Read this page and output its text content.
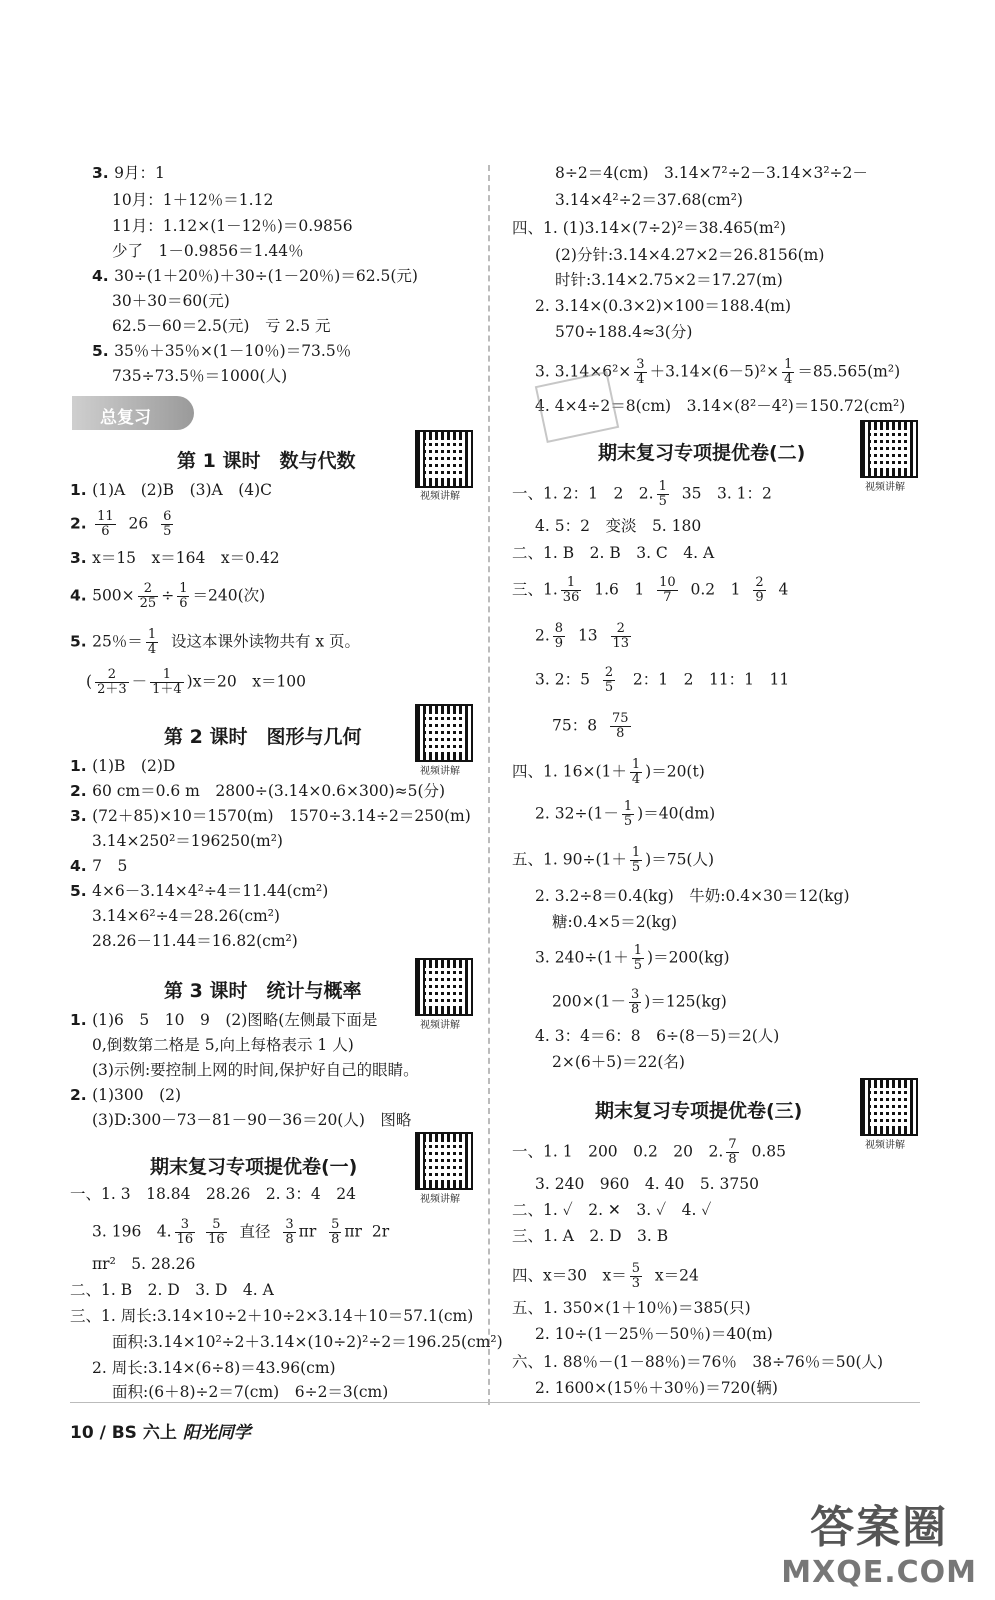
3. 9月：1
10月：1＋12％＝1.12
11月：1.12×(1－12％)＝0.9856
少了　1－0.9856＝1.44％
4. 30÷(1＋20％)＋30÷(1－20％)＝62.5(元)
30＋30＝60(元)
62.5－60＝2.5(元)　亏 2.5 元
5. 35％＋35％×(1－10％)＝73.5％
735÷73.5％＝1000(人)
总复习
第 1 课时　数与代数
视频讲解
1. (1)A　(2)B　(3)A　(4)C
2. $\frac{11}{6} 26 \frac{6}{5}$
3. x＝15　x＝164　x＝0.42
4. $500\times \frac{2}{25} \div \frac{1}{6} =240$(次)
5. 25％＝ $\frac{1}{4}$ 设这本课外读物共有 x 页。
( $\frac{2}{2+3} - \frac{1}{1+4} )x=20$　x＝100
第 2 课时　图形与几何
视频讲解
1. (1)B　(2)D
2. 60 cm＝0.6 m　2800÷(3.14×0.6×300)≈5(分)
3. (72＋85)×10＝1570(m)　1570÷3.14÷2＝250(m)
3.14×250²＝196250(m²)
4. 7　5
5. 4×6－3.14×4²÷4＝11.44(cm²)
3.14×6²÷4＝28.26(cm²)
28.26－11.44＝16.82(cm²)
第 3 课时　统计与概率
视频讲解
1. (1)6　5　10　9　(2)图略(左侧最下面是
0,倒数第二格是 5,向上每格表示 1 人)
(3)示例:要控制上网的时间,保护好自己的眼睛。
2. (1)300　(2)
(3)D:300－73－81－90－36＝20(人)　图略
期末复习专项提优卷(一)
视频讲解
一、1. 3　18.84　28.26　2. 3：4　24
3. 196　4. $\frac{3}{16}$
$\frac{5}{16}$ 直径 $\frac{3}{8}$ πr $\frac{5}{8}$ πr  2r
πr²　5. 28.26
二、1. B　2. D　3. D　4. A
三、1. 周长:3.14×10÷2＋10÷2×3.14＋10＝57.1(cm)
面积:3.14×10²÷2＋3.14×(10÷2)²÷2＝196.25(cm²)
2. 周长:3.14×(6÷8)＝43.96(cm)
面积:(6＋8)÷2＝7(cm)　6÷2＝3(cm)
8÷2＝4(cm)　3.14×7²÷2－3.14×3²÷2－
3.14×4²÷2＝37.68(cm²)
四、1. (1)3.14×(7÷2)²＝38.465(m²)
(2)分针:3.14×4.27×2＝26.8156(m)
时针:3.14×2.75×2＝17.27(m)
2. 3.14×(0.3×2)×100＝188.4(m)
570÷188.4≈3(分)
3. $3.14\times 6^2\times \frac{3}{4} +3.14\times(6-5)^2\times \frac{1}{4} =85.565(m^2)$
4. 4×4÷2＝8(cm)　3.14×(8²－4²)＝150.72(cm²)
期末复习专项提优卷(二)
视频讲解
一、1. 2：1　2　2. $\frac{1}{5} 35$　3. 1：2
4. 5：2　变淡　5. 180
二、1. B　2. B　3. C　4. A
三、1. $\frac{1}{36} 1.6$　$1 \frac{10}{7} 0.2$　$1 \frac{2}{9} 4$
2. $\frac{8}{9} 13 \frac{2}{13}$
3. 2：$5 \frac{2}{5} 2$：1　2　11：1　11
75：$8 \frac{75}{8}$
四、1. $16\times(1+ \frac{1}{4} )=20(t)$
2. $32\div(1- \frac{1}{5} )=40(dm)$
五、1. $90\div(1+ \frac{1}{5} )=75$(人)
2. 3.2÷8＝0.4(kg)　牛奶:0.4×30＝12(kg)
糖:0.4×5＝2(kg)
3. $240\div(1+ \frac{1}{5} )=200(kg)$
$200\times(1- \frac{3}{8} )=125(kg)$
4. 3：4＝6：8　6÷(8－5)＝2(人)
2×(6＋5)＝22(名)
期末复习专项提优卷(三)
视频讲解
一、1. 1　200　0.2　20　2. $\frac{7}{8} 0.85$
3. 240　960　4. 40　5. 3750
二、1. ✓　2. ✕　3. ✓　4. ✓
三、1. A　2. D　3. B
四、x＝30　$x= \frac{5}{3} x=24$
五、1. 350×(1＋10％)＝385(只)
2. 10÷(1－25％－50％)＝40(m)
六、1. 88％－(1－88％)＝76％　38÷76％＝50(人)
2. 1600×(15％＋30％)＝720(辆)
10 / BS 六上 阳光同学
答案圈
MXQE.COM
